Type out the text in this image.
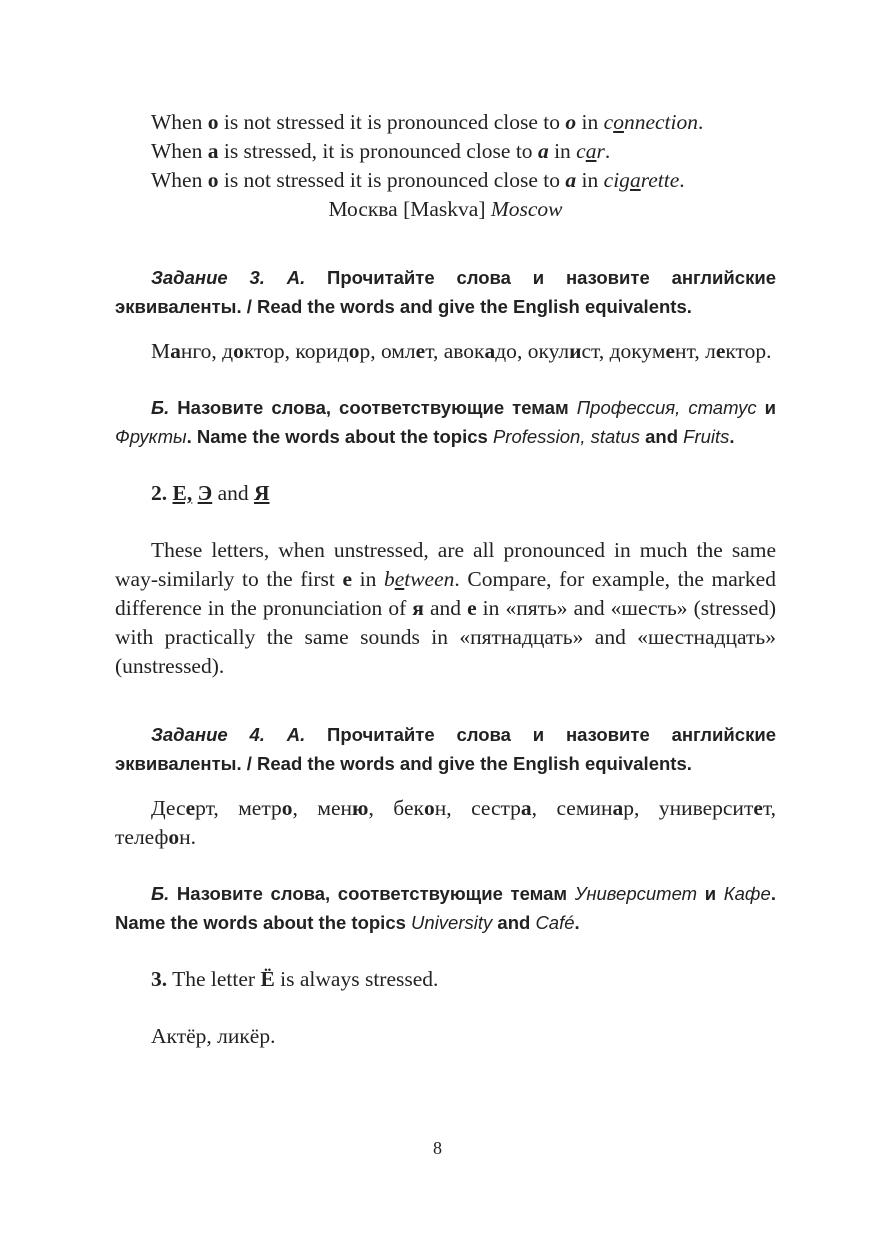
When o is not stressed it is pronounced close to o in connection.
When a is stressed, it is pronounced close to a in car.
When o is not stressed it is pronounced close to a in cigarette.
Москва [Maskva] Moscow

Задание 3. А. Прочитайте слова и назовите английские эквиваленты. / Read the words and give the English equivalents.

Манго, доктор, коридор, омлет, авокадо, окулист, документ, лектор.

Б. Назовите слова, соответствующие темам Профессия, статус и Фрукты. Name the words about the topics Profession, status and Fruits.

2. Е, Э and Я

These letters, when unstressed, are all pronounced in much the same way-similarly to the first e in between. Compare, for example, the marked difference in the pronunciation of я and е in «пять» and «шесть» (stressed) with practically the same sounds in «пятнадцать» and «шестнадцать» (unstressed).

Задание 4. А. Прочитайте слова и назовите английские эквиваленты. / Read the words and give the English equivalents.

Десерт, метро, меню, бекон, сестра, семинар, университет, телефон.

Б. Назовите слова, соответствующие темам Университет и Кафе. Name the words about the topics University and Café.

3. The letter Ё is always stressed.

Актёр, ликёр.

8
